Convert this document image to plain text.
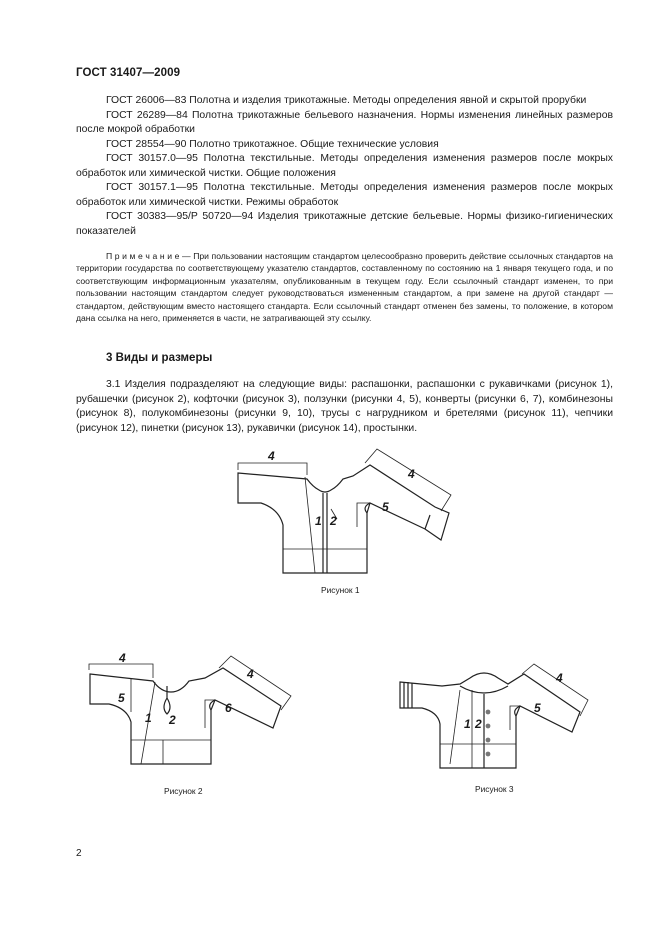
ГОСТ 31407—2009

ГОСТ 26006—83 Полотна и изделия трикотажные. Методы определения явной и скрытой прорубки

ГОСТ 26289—84 Полотна трикотажные бельевого назначения. Нормы изменения линейных размеров после мокрой обработки

ГОСТ 28554—90 Полотно трикотажное. Общие технические условия

ГОСТ 30157.0—95 Полотна текстильные. Методы определения изменения размеров после мокрых обработок или химической чистки. Общие положения

ГОСТ 30157.1—95 Полотна текстильные. Методы определения изменения размеров после мокрых обработок или химической чистки. Режимы обработок

ГОСТ 30383—95/Р 50720—94 Изделия трикотажные детские бельевые. Нормы физико-гигиенических показателей

П р и м е ч а н и е — При пользовании настоящим стандартом целесообразно проверить действие ссылочных стандартов на территории государства по соответствующему указателю стандартов, составленному по состоянию на 1 января текущего года, и по соответствующим информационным указателям, опубликованным в текущем году. Если ссылочный стандарт изменен, то при пользовании настоящим стандартом следует руководствоваться измененным стандартом, а при замене на другой стандарт — стандартом, действующим вместо настоящего стандарта. Если ссылочный стандарт отменен без замены, то положение, в котором дана ссылка на него, применяется в части, не затрагивающей эту ссылку.
3 Виды и размеры
3.1 Изделия подразделяют на следующие виды: распашонки, распашонки с рукавичками (рисунок 1), рубашечки (рисунок 2), кофточки (рисунок 3), ползунки (рисунки 4, 5), конверты (рисунки 6, 7), комбинезоны (рисунок 8), полукомбинезоны (рисунки 9, 10), трусы с нагрудником и бретелями (рисунок 11), чепчики (рисунок 12), пинетки (рисунок 13), рукавички (рисунок 14), простынки.
4
1 2
4
5
Рисунок 1
4
5
1 2
4
6
Рисунок 2
1 2
4
5
Рисунок 3
2
